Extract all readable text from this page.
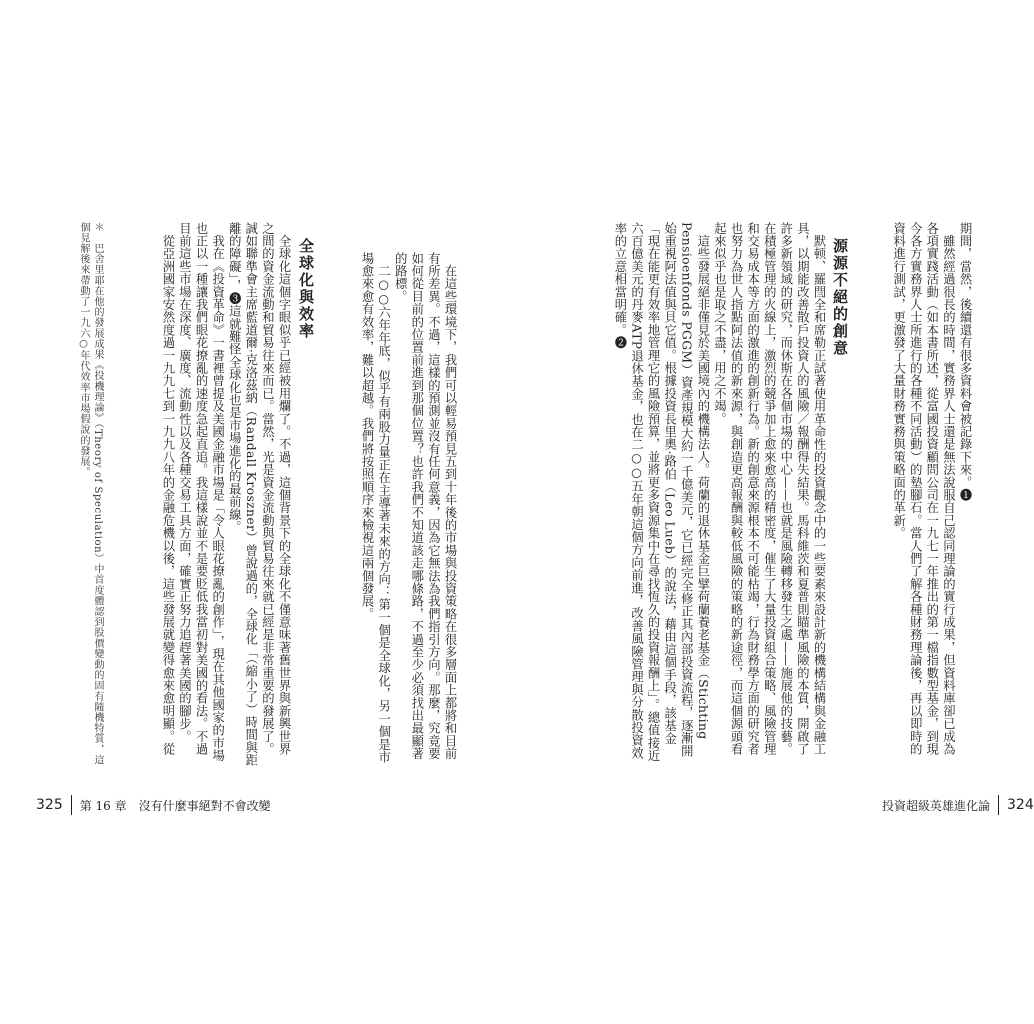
期間，當然，後續還有很多資料會被記錄下來。❶
　雖然經過很長的時間，實務界人士還是無法說服自己認同理論的實行成果，但資料庫卻已成為各項實踐活動（如本書所述，從富國投資顧問公司在一九七一年推出的第一檔指數型基金，到現今各方實務界人士所進行的各種不同活動）的墊腳石。當人們了解各種財務理論後，再以即時的資料進行測試，更激發了大量財務實務與策略面的革新。
源源不絕的創意
　默顿、羅閆全和席勒正試著使用革命性的投資觀念中的一些要素來設計新的機構結構與金融工具，以期能改善散戶投資人的風險／報酬得失結果。馬科維茨和夏普則瞄準風險的本質，開啟了許多新領域的研究，而休斯在各個市場的中心——也就是風險轉移發生之處——施展他的技藝。在積極管理的火線上，激烈的競爭加上愈來愈高的精密度，催生了大量投資組合策略、風險管理和交易成本等方面的激進的創新行為。新的創意來源根本不可能枯竭，行為財務學方面的研究者也努力為世人指點阿法值的新來源，與創造更高報酬與較低風險的策略的新途徑，而這個源頭看起來似乎也是取之不盡，用之不竭。
　這些發展絕非僅見於美國境內的機構法人。荷蘭的退休基金巨擘荷蘭養老基金（Stichting Pensioenfonds PGGM）資產規模大約一千億美元，它已經完全修正其內部投資流程，逐漸開始重視阿法值與貝它值。根據投資長里奧·路伯（Leo Lueb）的說法，藉由這個手段，該基金「現在能更有效率地管理它的風險預算，並將更多資源集中在尋找恆久的投資報酬上」。總值接近六百億美元的丹麥ATP退休基金，也在二○○五年朝這個方向前進，改善風險管理與分散投資效率的立意相當明確。❷
投資超級英雄進化論 324
　在這些環境下，我們可以輕易預見五到十年後的市場與投資策略在很多層面上都將和目前有所差異。不過，這樣的預測並沒有任何意義，因為它無法為我們指引方向。那麼，究竟要如何從目前的位置前進到那個位置？也許我們不知道該走哪條路，不過至少必須找出最顯著的路標。
　二○○六年年底，似乎有兩股力量正在主導著未來的方向：第一個是全球化，另一個是市場愈來愈有效率，難以超越。我們將按照順序來檢視這兩個發展。
全球化與效率
　全球化這個字眼似乎已經被用爛了。不過，這個背景下的全球化不僅意味著舊世界與新興世界之間的資金流動和貿易往來而已。當然，光是資金流動與貿易往來就已經是非常重要的發展了。誠如聯準會主席藍道爾·克洛茲納（Randall Kroszner）曾說過的，全球化「（縮小了）時間與距離的障礙」，❸這就難怪全球化也是市場進化的最前線。
　我在《投資革命》一書裡曾提及美國金融市場是「令人眼花撩亂的創作」，現在其他國家的市場也正以一種讓我們眼花撩亂的速度急起直追。我這樣說並不是要貶低我當初對美國的看法。不過目前這些市場在深度、廣度、流動性以及各種交易工具方面，確實正努力追趕著美國的腳步。
　從亞洲國家安然度過一九九七到一九九八年的金融危機以後，這些發展就變得愈來愈明顯。從
＊　巴舍里耶在他的發展成果《投機理論》（Theory of Speculation）中首度體認到股價變動的固有隨機特質，這個見解後來帶動了一九六○年代效率市場假說的發展。
325 第 16 章　沒有什麼事絕對不會改變
